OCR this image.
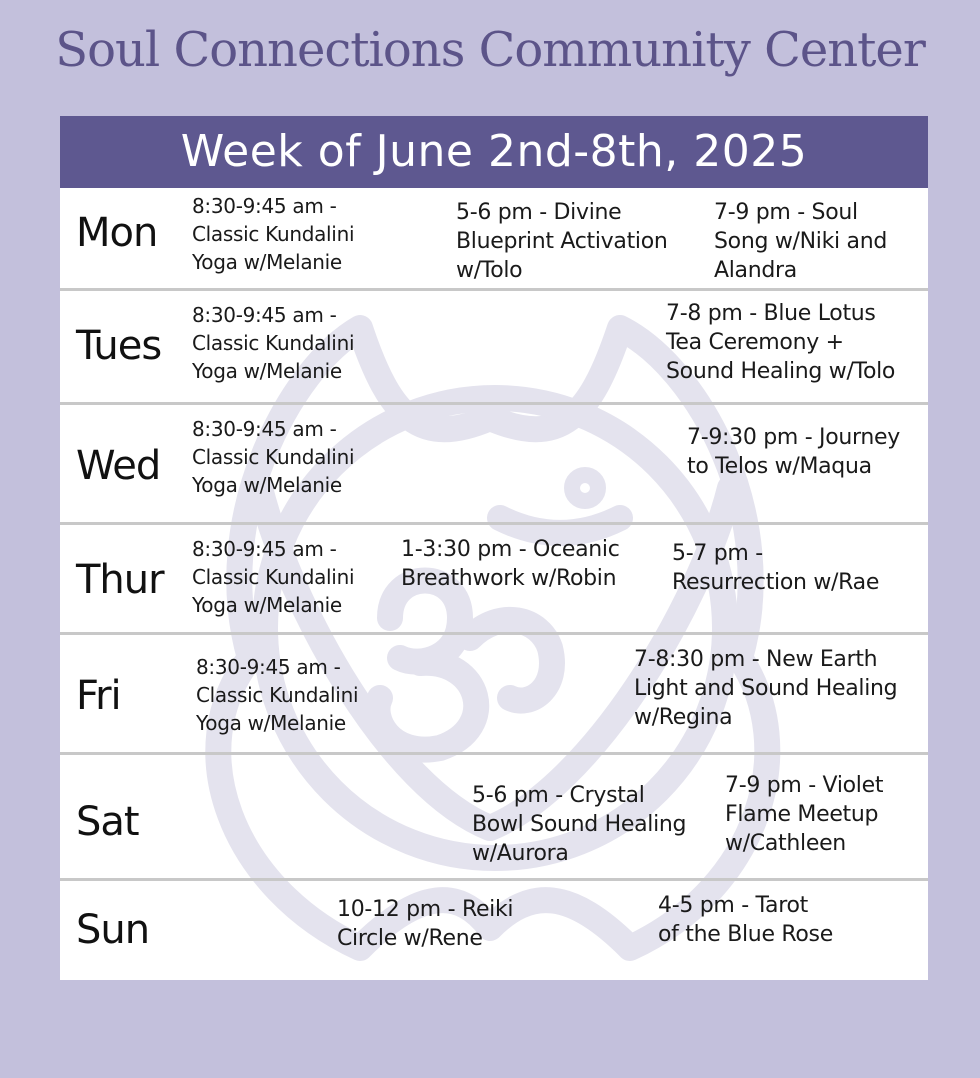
Soul Connections Community Center
Week of June 2nd-8th, 2025
Mon
8:30-9:45 am -
Classic Kundalini
Yoga w/Melanie
5-6 pm - Divine
Blueprint Activation
w/Tolo
7-9 pm - Soul
Song w/Niki and
Alandra
Tues
8:30-9:45 am -
Classic Kundalini
Yoga w/Melanie
7-8 pm - Blue Lotus
Tea Ceremony +
Sound Healing w/Tolo
Wed
8:30-9:45 am -
Classic Kundalini
Yoga w/Melanie
7-9:30 pm - Journey
to Telos w/Maqua
Thur
8:30-9:45 am -
Classic Kundalini
Yoga w/Melanie
1-3:30 pm - Oceanic
Breathwork w/Robin
5-7 pm -
Resurrection w/Rae
Fri
8:30-9:45 am -
Classic Kundalini
Yoga w/Melanie
7-8:30 pm - New Earth
Light and Sound Healing
w/Regina
Sat
5-6 pm - Crystal
Bowl Sound Healing
w/Aurora
7-9 pm - Violet
Flame Meetup
w/Cathleen
Sun	10-12 pm - Reiki
Circle w/Rene
4-5 pm - Tarot
of the Blue Rose
